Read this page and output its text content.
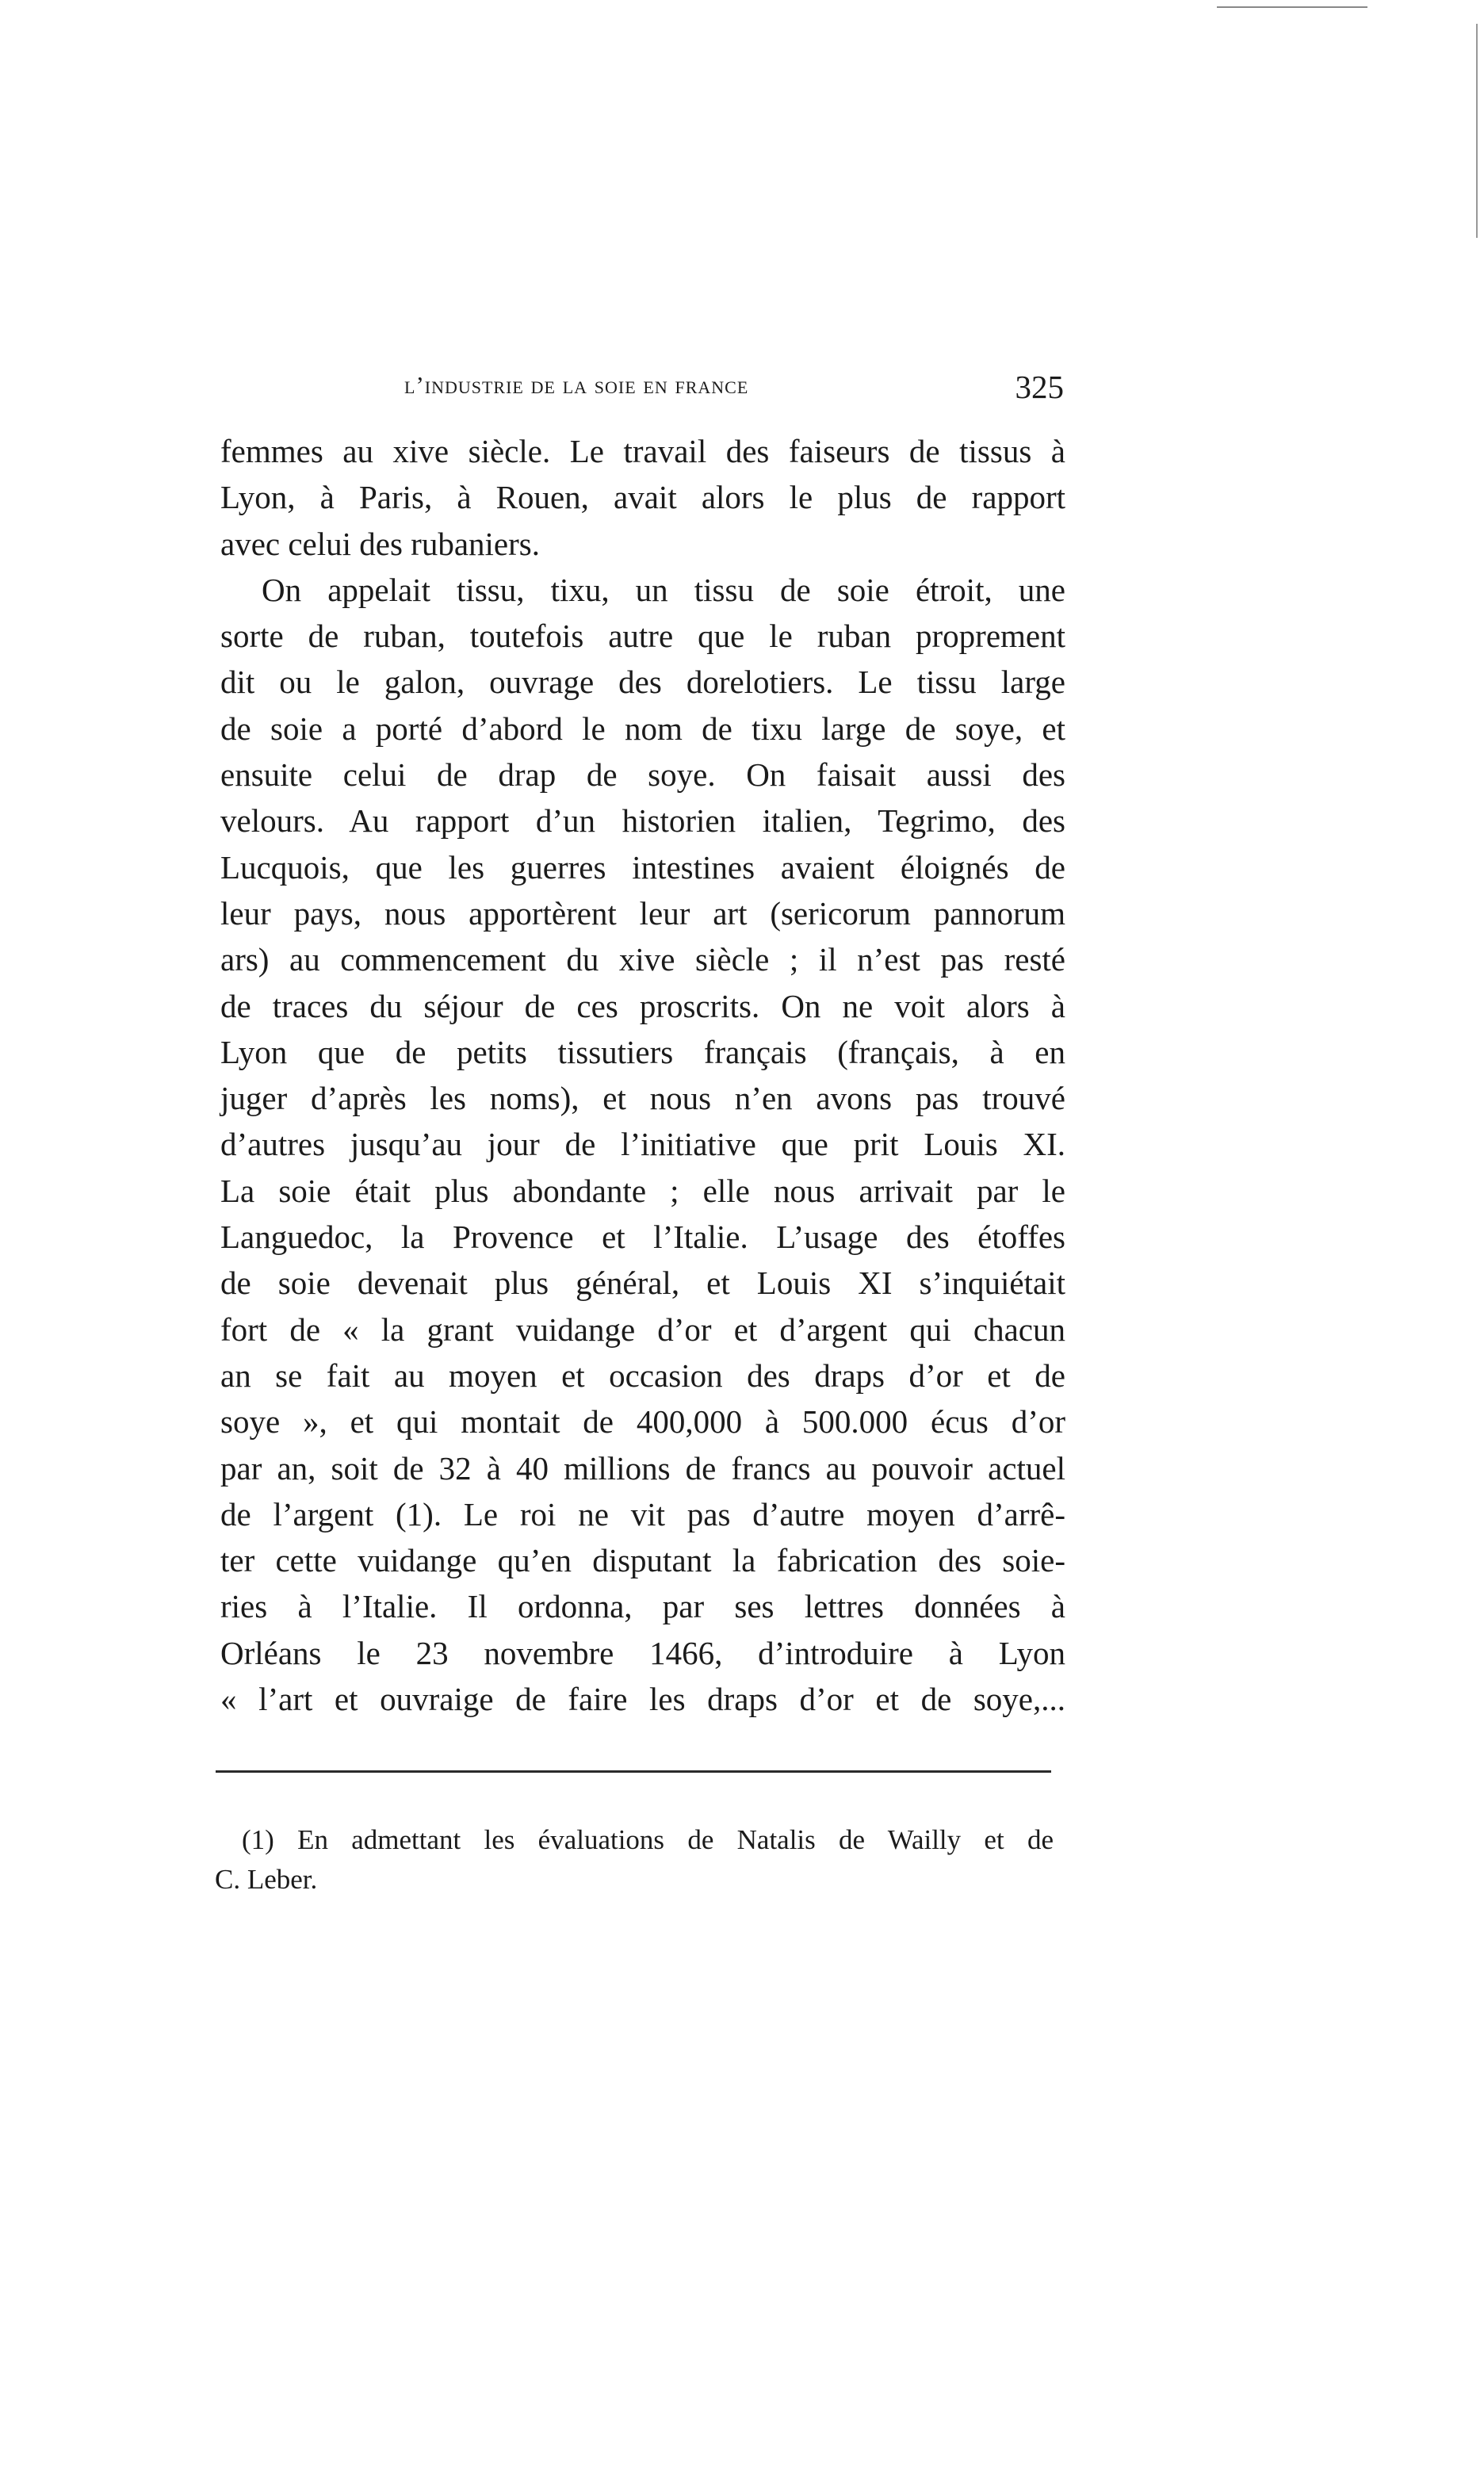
l’industrie de la soie en france	325
femmes au xive siècle. Le travail des faiseurs de tissus à
Lyon, à Paris, à Rouen, avait alors le plus de rapport
avec celui des rubaniers.
On appelait tissu, tixu, un tissu de soie étroit, une
sorte de ruban, toutefois autre que le ruban proprement
dit ou le galon, ouvrage des dorelotiers. Le tissu large
de soie a porté d’abord le nom de tixu large de soye, et
ensuite celui de drap de soye. On faisait aussi des
velours. Au rapport d’un historien italien, Tegrimo, des
Lucquois, que les guerres intestines avaient éloignés de
leur pays, nous apportèrent leur art (sericorum pannorum
ars) au commencement du xive siècle ; il n’est pas resté
de traces du séjour de ces proscrits. On ne voit alors à
Lyon que de petits tissutiers français (français, à en
juger d’après les noms), et nous n’en avons pas trouvé
d’autres jusqu’au jour de l’initiative que prit Louis XI.
La soie était plus abondante ; elle nous arrivait par le
Languedoc, la Provence et l’Italie. L’usage des étoffes
de soie devenait plus général, et Louis XI s’inquiétait
fort de « la grant vuidange d’or et d’argent qui chacun
an se fait au moyen et occasion des draps d’or et de
soye », et qui montait de 400,000 à 500.000 écus d’or
par an, soit de 32 à 40 millions de francs au pouvoir actuel
de l’argent (1). Le roi ne vit pas d’autre moyen d’arrê-
ter cette vuidange qu’en disputant la fabrication des soie-
ries à l’Italie. Il ordonna, par ses lettres données à
Orléans le 23 novembre 1466, d’introduire à Lyon
« l’art et ouvraige de faire les draps d’or et de soye,...
(1) En admettant les évaluations de Natalis de Wailly et de
C. Leber.
